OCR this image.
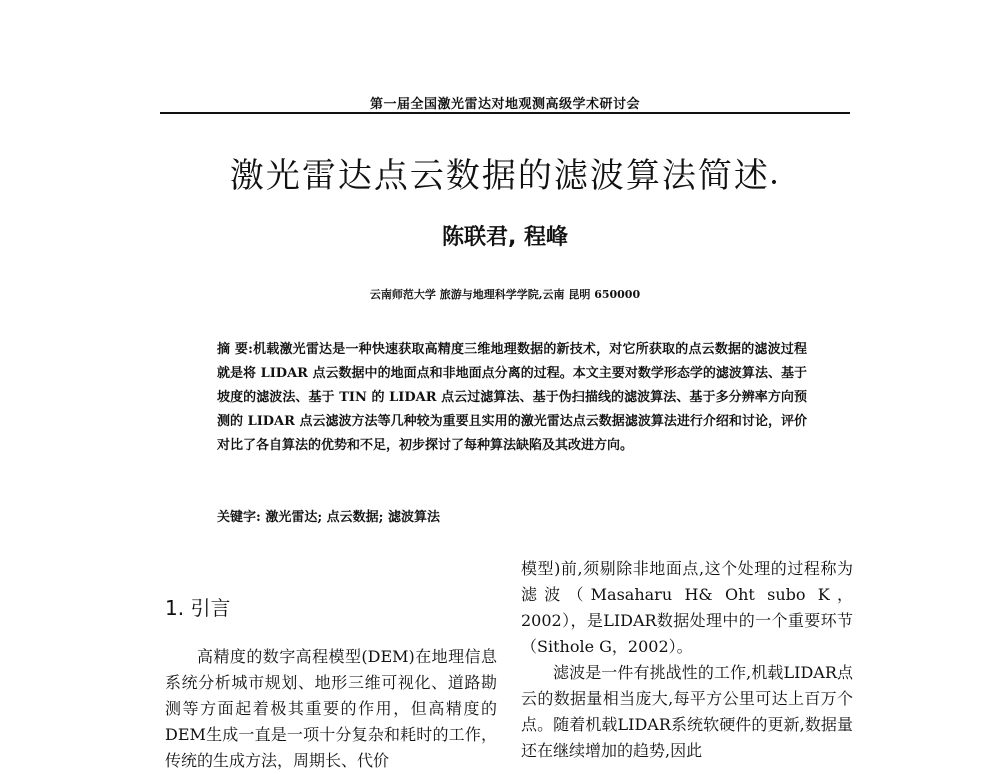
第一届全国激光雷达对地观测高级学术研讨会
激光雷达点云数据的滤波算法简述•
陈联君, 程峰
云南师范大学 旅游与地理科学学院,云南 昆明 650000
摘 要:机载激光雷达是一种快速获取高精度三维地理数据的新技术，对它所获取的点云数据的滤波过程就是将 LIDAR 点云数据中的地面点和非地面点分离的过程。本文主要对数学形态学的滤波算法、基于坡度的滤波法、基于 TIN 的 LIDAR 点云过滤算法、基于伪扫描线的滤波算法、基于多分辨率方向预测的 LIDAR 点云滤波方法等几种较为重要且实用的激光雷达点云数据滤波算法进行介绍和讨论，评价对比了各自算法的优势和不足，初步探讨了每种算法缺陷及其改进方向。
关键字: 激光雷达; 点云数据; 滤波算法
1. 引言

高精度的数字高程模型(DEM)在地理信息系统分析城市规划、地形三维可视化、道路勘测等方面起着极其重要的作用，但高精度的DEM生成一直是一项十分复杂和耗时的工作，传统的生成方法，周期长、代价

模型)前,须剔除非地面点,这个处理的过程称为滤波（Masaharu H& Oht subo K，2002），是LIDAR数据处理中的一个重要环节（Sithole G，2002）。

滤波是一件有挑战性的工作,机载LIDAR点云的数据量相当庞大,每平方公里可达上百万个点。随着机载LIDAR系统软硬件的更新,数据量还在继续增加的趋势,因此
